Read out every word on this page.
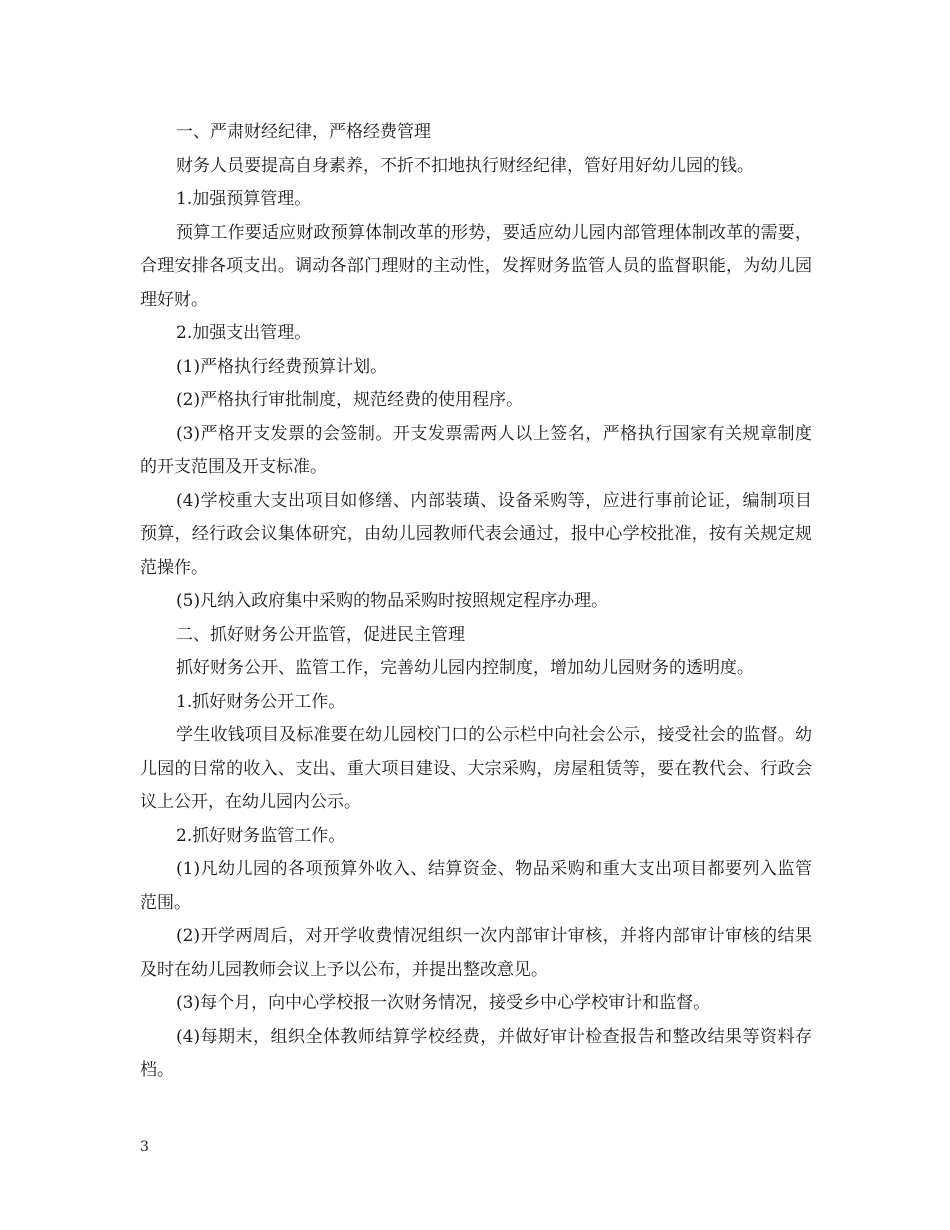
一、严肃财经纪律，严格经费管理

财务人员要提高自身素养，不折不扣地执行财经纪律，管好用好幼儿园的钱。

1.加强预算管理。

预算工作要适应财政预算体制改革的形势，要适应幼儿园内部管理体制改革的需要，合理安排各项支出。调动各部门理财的主动性，发挥财务监管人员的监督职能，为幼儿园理好财。

2.加强支出管理。

(1)严格执行经费预算计划。

(2)严格执行审批制度，规范经费的使用程序。

(3)严格开支发票的会签制。开支发票需两人以上签名，严格执行国家有关规章制度的开支范围及开支标准。

(4)学校重大支出项目如修缮、内部装璜、设备采购等，应进行事前论证，编制项目预算，经行政会议集体研究，由幼儿园教师代表会通过，报中心学校批准，按有关规定规范操作。

(5)凡纳入政府集中采购的物品采购时按照规定程序办理。

二、抓好财务公开监管，促进民主管理

抓好财务公开、监管工作，完善幼儿园内控制度，增加幼儿园财务的透明度。

1.抓好财务公开工作。

学生收钱项目及标准要在幼儿园校门口的公示栏中向社会公示，接受社会的监督。幼儿园的日常的收入、支出、重大项目建设、大宗采购，房屋租赁等，要在教代会、行政会议上公开，在幼儿园内公示。

2.抓好财务监管工作。

(1)凡幼儿园的各项预算外收入、结算资金、物品采购和重大支出项目都要列入监管范围。

(2)开学两周后，对开学收费情况组织一次内部审计审核，并将内部审计审核的结果及时在幼儿园教师会议上予以公布，并提出整改意见。

(3)每个月，向中心学校报一次财务情况，接受乡中心学校审计和监督。

(4)每期末，组织全体教师结算学校经费，并做好审计检查报告和整改结果等资料存档。

3
